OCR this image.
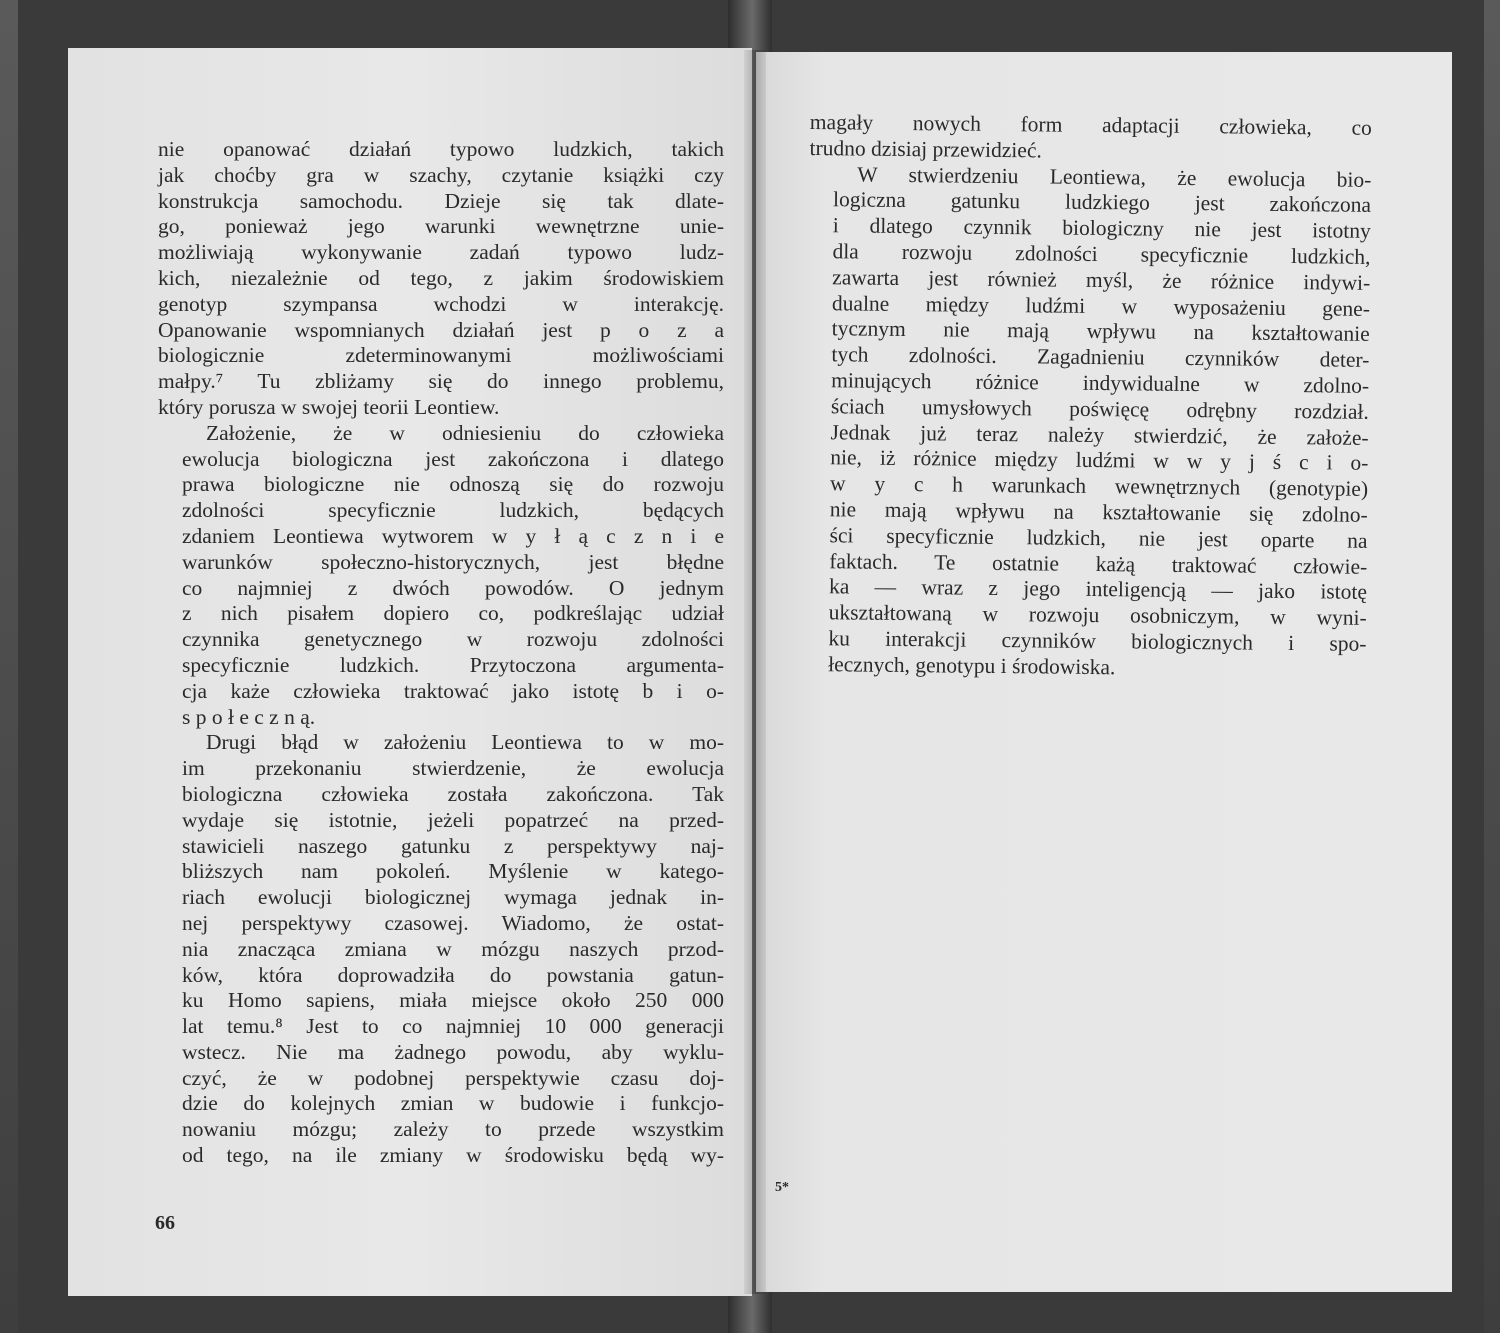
nie opanować działań typowo ludzkich, takich
jak choćby gra w szachy, czytanie książki czy
konstrukcja samochodu. Dzieje się tak dlate-
go, ponieważ jego warunki wewnętrzne unie-
możliwiają wykonywanie zadań typowo ludz-
kich, niezależnie od tego, z jakim środowiskiem
genotyp szympansa wchodzi w interakcję.
Opanowanie wspomnianych działań jest p o z a
biologicznie zdeterminowanymi możliwościami
małpy.⁷ Tu zbliżamy się do innego problemu,
który porusza w swojej teorii Leontiew.

Założenie, że w odniesieniu do człowieka
ewolucja biologiczna jest zakończona i dlatego
prawa biologiczne nie odnoszą się do rozwoju
zdolności specyficznie ludzkich, będących
zdaniem Leontiewa wytworem w y ł ą c z n i e
warunków społeczno-historycznych, jest błędne
co najmniej z dwóch powodów. O jednym
z nich pisałem dopiero co, podkreślając udział
czynnika genetycznego w rozwoju zdolności
specyficznie ludzkich. Przytoczona argumenta-
cja każe człowieka traktować jako istotę b i o-
s p o ł e c z n ą.

Drugi błąd w założeniu Leontiewa to w mo-
im przekonaniu stwierdzenie, że ewolucja
biologiczna człowieka została zakończona. Tak
wydaje się istotnie, jeżeli popatrzeć na przed-
stawicieli naszego gatunku z perspektywy naj-
bliższych nam pokoleń. Myślenie w katego-
riach ewolucji biologicznej wymaga jednak in-
nej perspektywy czasowej. Wiadomo, że ostat-
nia znacząca zmiana w mózgu naszych przod-
ków, która doprowadziła do powstania gatun-
ku Homo sapiens, miała miejsce około 250 000
lat temu.⁸ Jest to co najmniej 10 000 generacji
wstecz. Nie ma żadnego powodu, aby wyklu-
czyć, że w podobnej perspektywie czasu doj-
dzie do kolejnych zmian w budowie i funkcjo-
nowaniu mózgu; zależy to przede wszystkim
od tego, na ile zmiany w środowisku będą wy-

magały nowych form adaptacji człowieka, co
trudno dzisiaj przewidzieć.

W stwierdzeniu Leontiewa, że ewolucja bio-
logiczna gatunku ludzkiego jest zakończona
i dlatego czynnik biologiczny nie jest istotny
dla rozwoju zdolności specyficznie ludzkich,
zawarta jest również myśl, że różnice indywi-
dualne między ludźmi w wyposażeniu gene-
tycznym nie mają wpływu na kształtowanie
tych zdolności. Zagadnieniu czynników deter-
minujących różnice indywidualne w zdolno-
ściach umysłowych poświęcę odrębny rozdział.
Jednak już teraz należy stwierdzić, że założe-
nie, iż różnice między ludźmi w w y j ś c i o-
w y c h warunkach wewnętrznych (genotypie)
nie mają wpływu na kształtowanie się zdolno-
ści specyficznie ludzkich, nie jest oparte na
faktach. Te ostatnie każą traktować człowie-
ka — wraz z jego inteligencją — jako istotę
ukształtowaną w rozwoju osobniczym, w wyni-
ku interakcji czynników biologicznych i spo-
łecznych, genotypu i środowiska.

66
5*
